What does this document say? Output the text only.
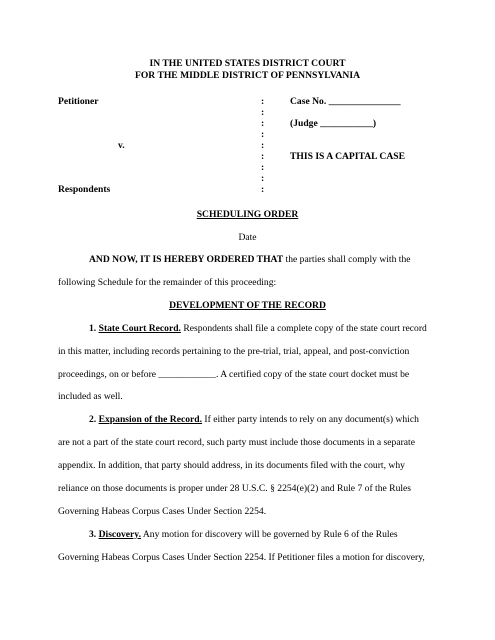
IN THE UNITED STATES DISTRICT COURT
FOR THE MIDDLE DISTRICT OF PENNSYLVANIA
Petitioner
v.
Respondents
:
:
:
:
:
:
:
:
:
Case No. _______________
(Judge ___________)
THIS IS A CAPITAL CASE
SCHEDULING ORDER
Date
AND NOW, IT IS HEREBY ORDERED THAT the parties shall comply with the
following Schedule for the remainder of this proceeding:
DEVELOPMENT OF THE RECORD
1. State Court Record. Respondents shall file a complete copy of the state court record
in this matter, including records pertaining to the pre-trial, trial, appeal, and post-conviction
proceedings, on or before ____________. A certified copy of the state court docket must be
included as well.
2. Expansion of the Record. If either party intends to rely on any document(s) which
are not a part of the state court record, such party must include those documents in a separate
appendix. In addition, that party should address, in its documents filed with the court, why
reliance on those documents is proper under 28 U.S.C. § 2254(e)(2) and Rule 7 of the Rules
Governing Habeas Corpus Cases Under Section 2254.
3. Discovery. Any motion for discovery will be governed by Rule 6 of the Rules
Governing Habeas Corpus Cases Under Section 2254. If Petitioner files a motion for discovery,
